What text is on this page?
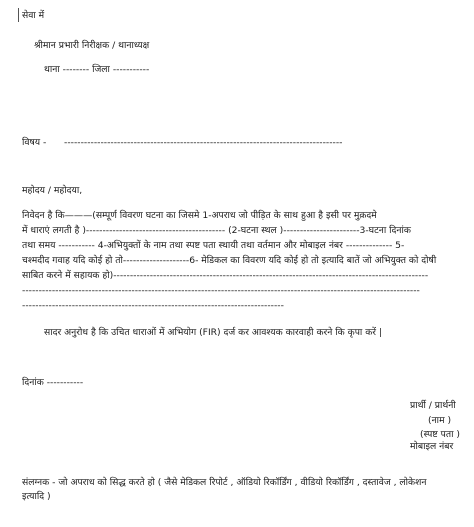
सेवा में
श्रीमान प्रभारी निरीक्षक / थानाध्यक्ष
थाना -------- जिला -----------
विषय - ------------------------------------------------------------------------------------
महोदय / महोदया,
निवेदन है कि———(सम्पूर्ण विवरण घटना का जिसमे 1-अपराध जो पीड़ित के साथ हुआ है इसी पर मुक़दमे
में धाराएं लगती है )------------------------------------------ (2-घटना स्थल )-----------------------3-घटना दिनांक
तथा समय ----------- 4-अभियुक्तों के नाम तथा स्पष्ट पता स्थायी तथा वर्तमान और मोबाइल नंबर -------------- 5-
चश्मदीद गवाह यदि कोई हो तो--------------------6- मेडिकल का विवरण यदि कोई हो तो इत्यादि बातें जो अभियुक्त को दोषी
साबित करने में सहायक हो)-----------------------------------------------------------------------------------------------
------------------------------------------------------------------------------------------------------------------------
-------------------------------------------------------------------------------
सादर अनुरोध है कि उचित धाराओं में अभियोग (FIR) दर्ज कर आवश्यक कारवाही करने कि कृपा करें |
दिनांक -----------
प्रार्थी / प्रार्थनी
(नाम )
(स्पष्ट पता )
मोबाइल नंबर
संलग्नक - जो अपराध को सिद्ध करते हो ( जैसे मेडिकल रिपोर्ट , ऑडियो रिकॉर्डिंग , वीडियो रिकॉर्डिंग , दस्तावेज , लोकेशन
इत्यादि )
